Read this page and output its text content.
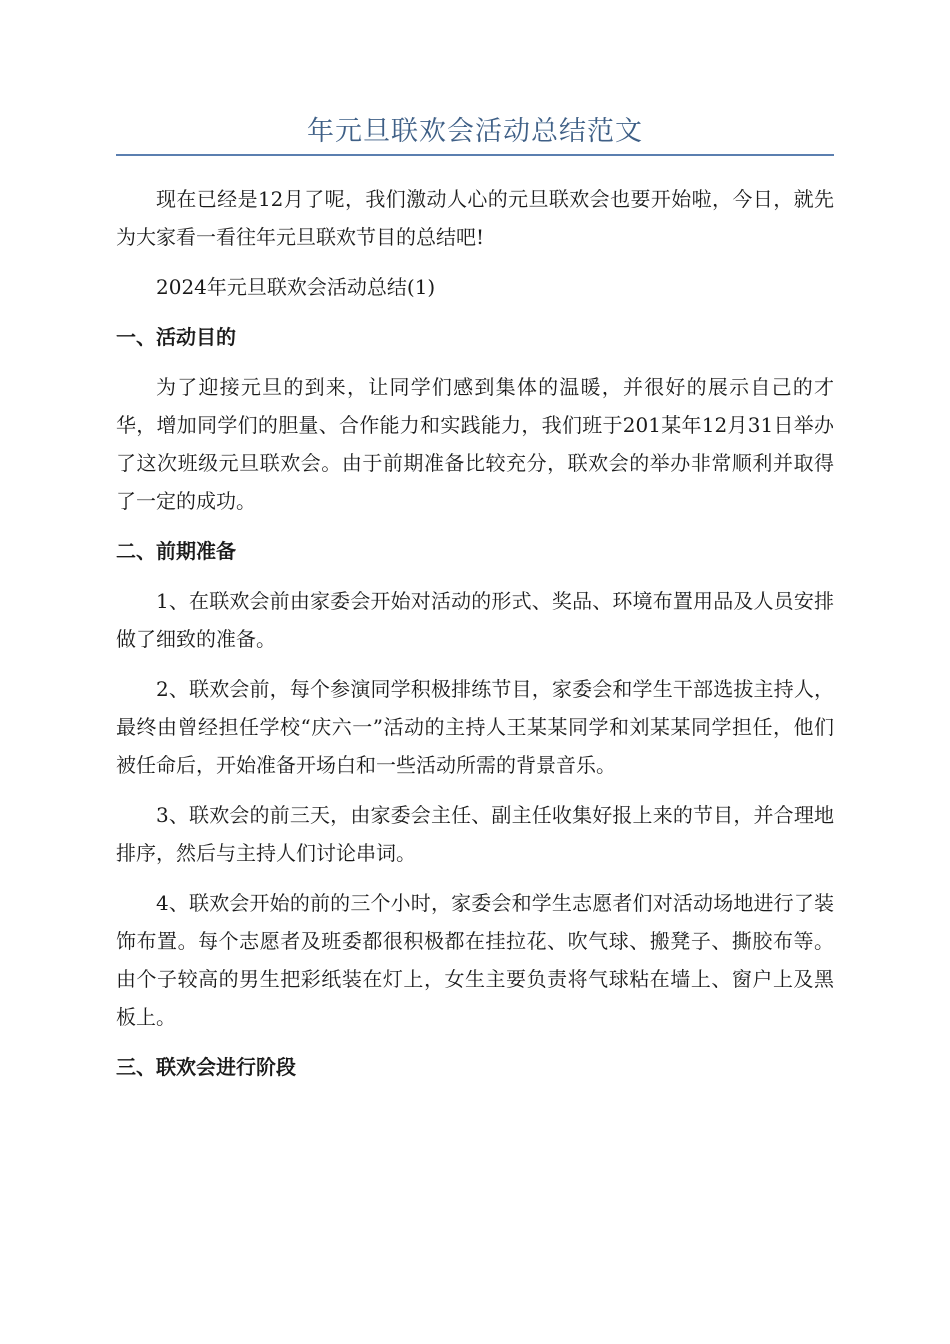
年元旦联欢会活动总结范文

现在已经是12月了呢，我们激动人心的元旦联欢会也要开始啦，今日，就先为大家看一看往年元旦联欢节目的总结吧!

2024年元旦联欢会活动总结(1)

一、活动目的

为了迎接元旦的到来，让同学们感到集体的温暖，并很好的展示自己的才华，增加同学们的胆量、合作能力和实践能力，我们班于201某年12月31日举办了这次班级元旦联欢会。由于前期准备比较充分，联欢会的举办非常顺利并取得了一定的成功。

二、前期准备

1、在联欢会前由家委会开始对活动的形式、奖品、环境布置用品及人员安排做了细致的准备。

2、联欢会前，每个参演同学积极排练节目，家委会和学生干部选拔主持人，最终由曾经担任学校“庆六一”活动的主持人王某某同学和刘某某同学担任，他们被任命后，开始准备开场白和一些活动所需的背景音乐。

3、联欢会的前三天，由家委会主任、副主任收集好报上来的节目，并合理地排序，然后与主持人们讨论串词。

4、联欢会开始的前的三个小时，家委会和学生志愿者们对活动场地进行了装饰布置。每个志愿者及班委都很积极都在挂拉花、吹气球、搬凳子、撕胶布等。由个子较高的男生把彩纸装在灯上，女生主要负责将气球粘在墙上、窗户上及黑板上。

三、联欢会进行阶段
